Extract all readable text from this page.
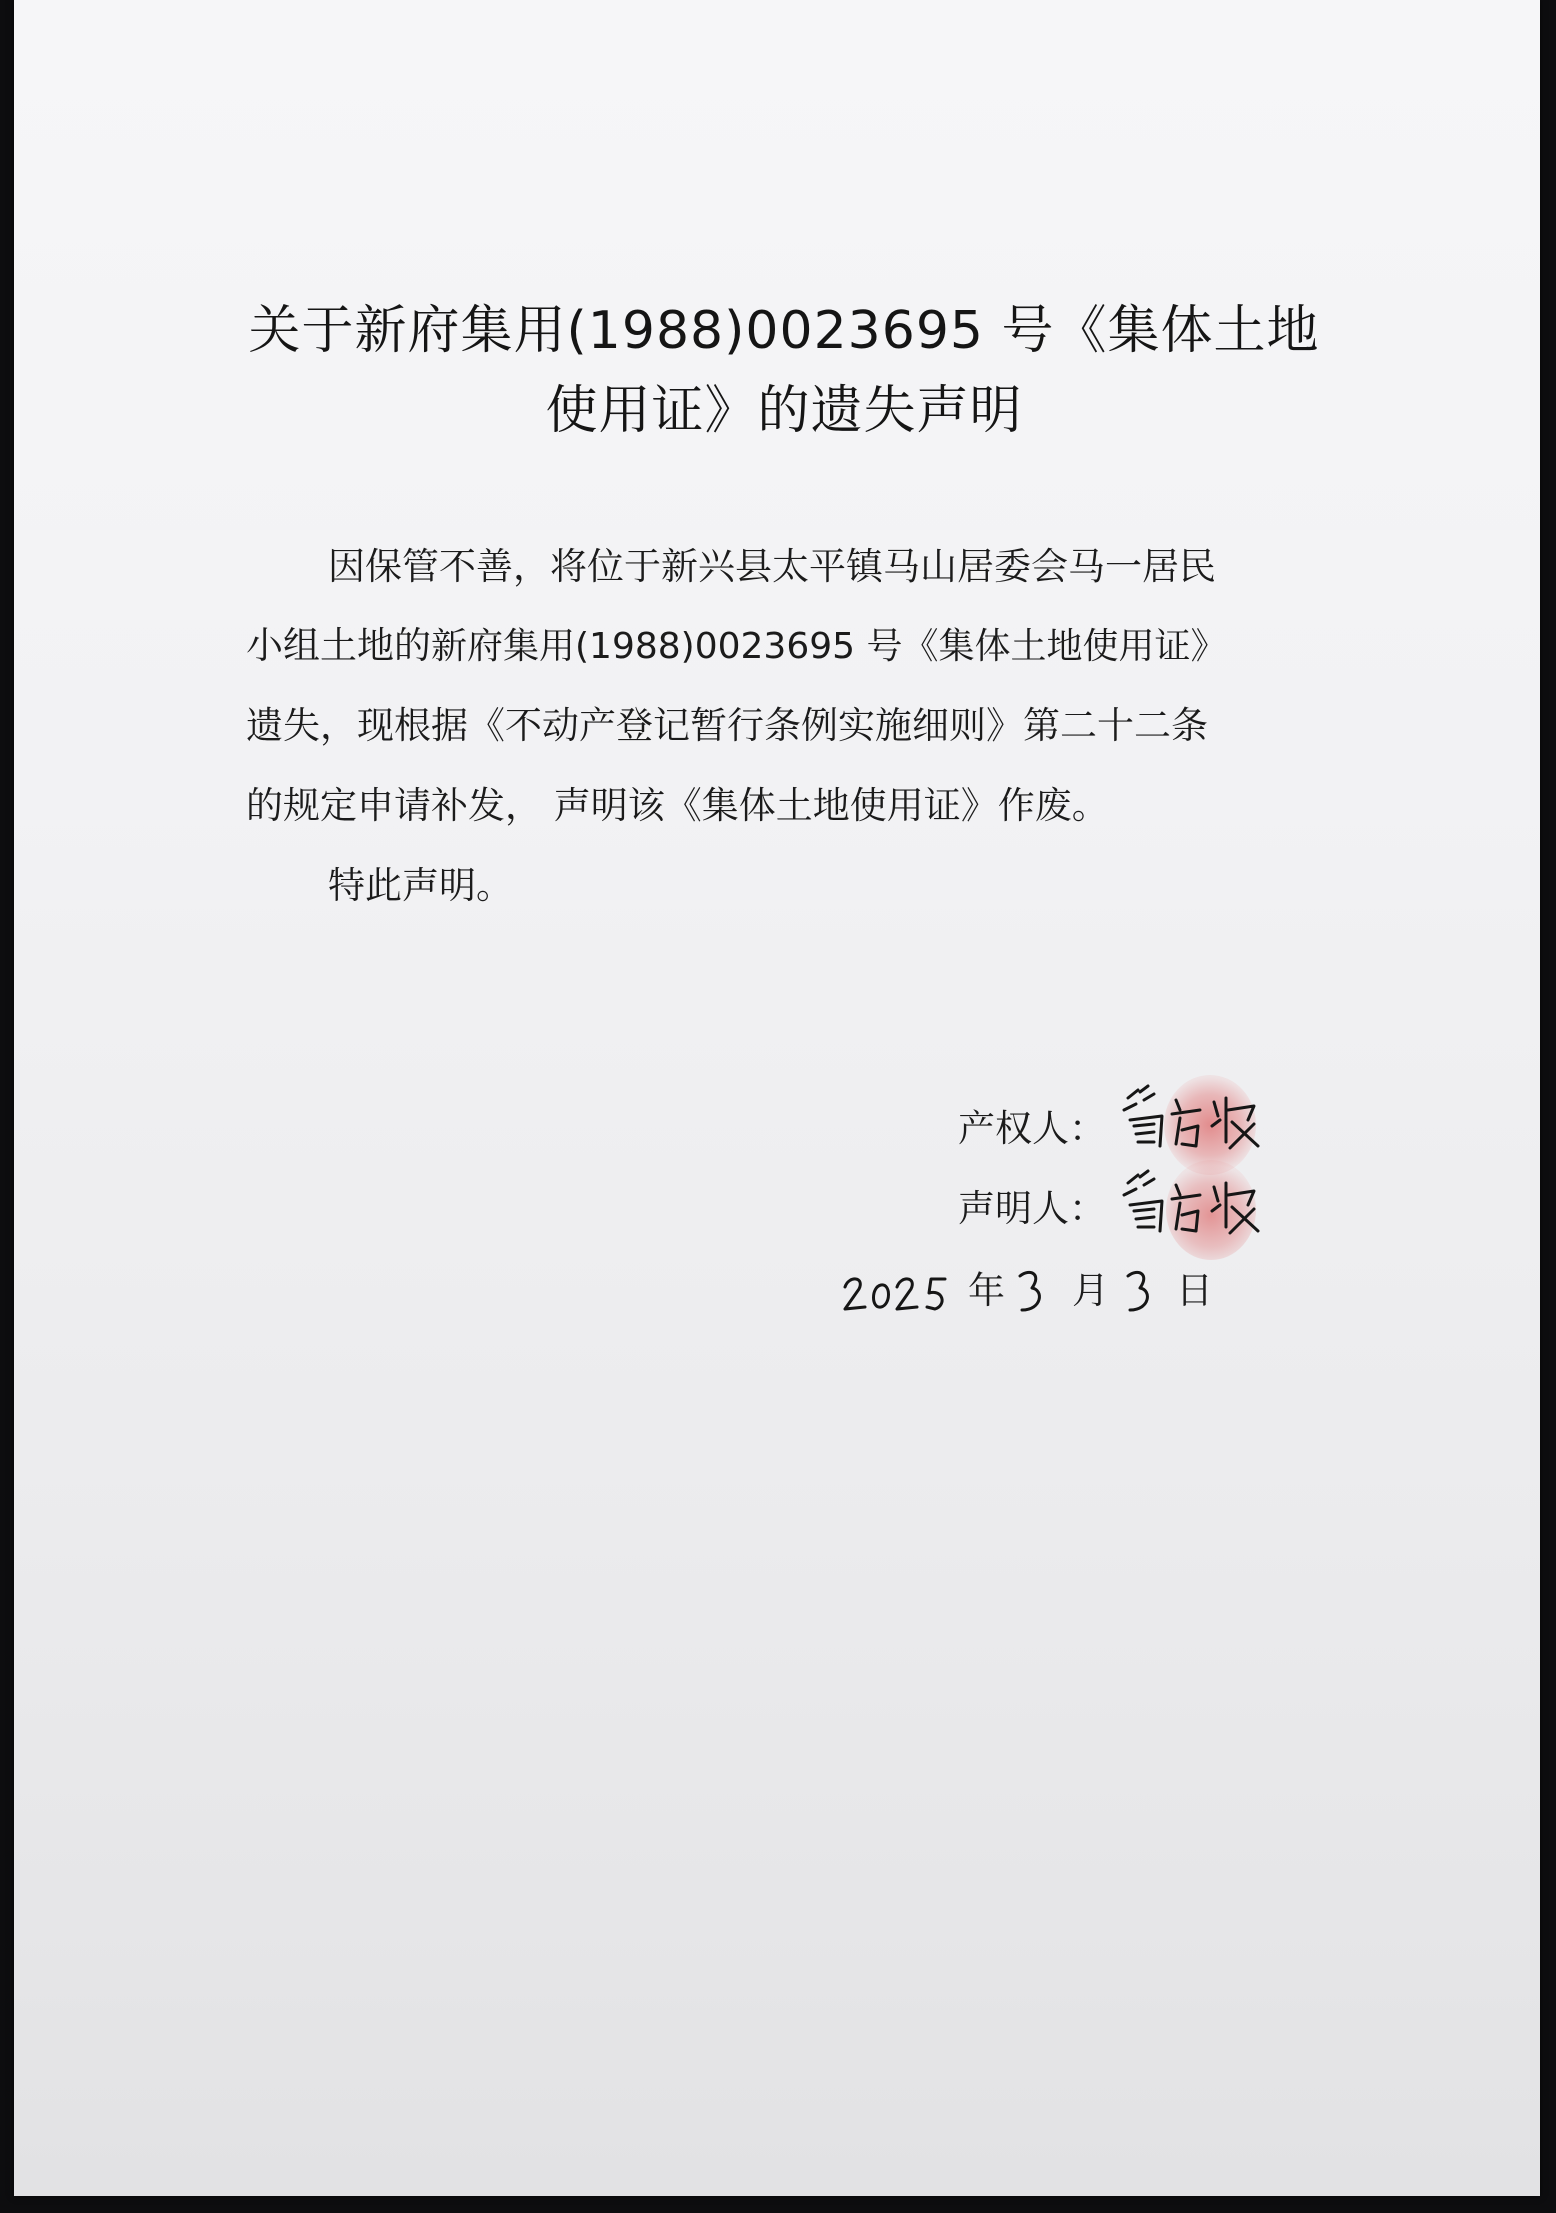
关于新府集用(1988)0023695 号《集体土地
使用证》的遗失声明
因保管不善，将位于新兴县太平镇马山居委会马一居民
小组土地的新府集用(1988)0023695 号《集体土地使用证》
遗失，现根据《不动产登记暂行条例实施细则》第二十二条
的规定申请补发， 声明该《集体土地使用证》作废。
特此声明。
产权人：
声明人：
年 月 日
